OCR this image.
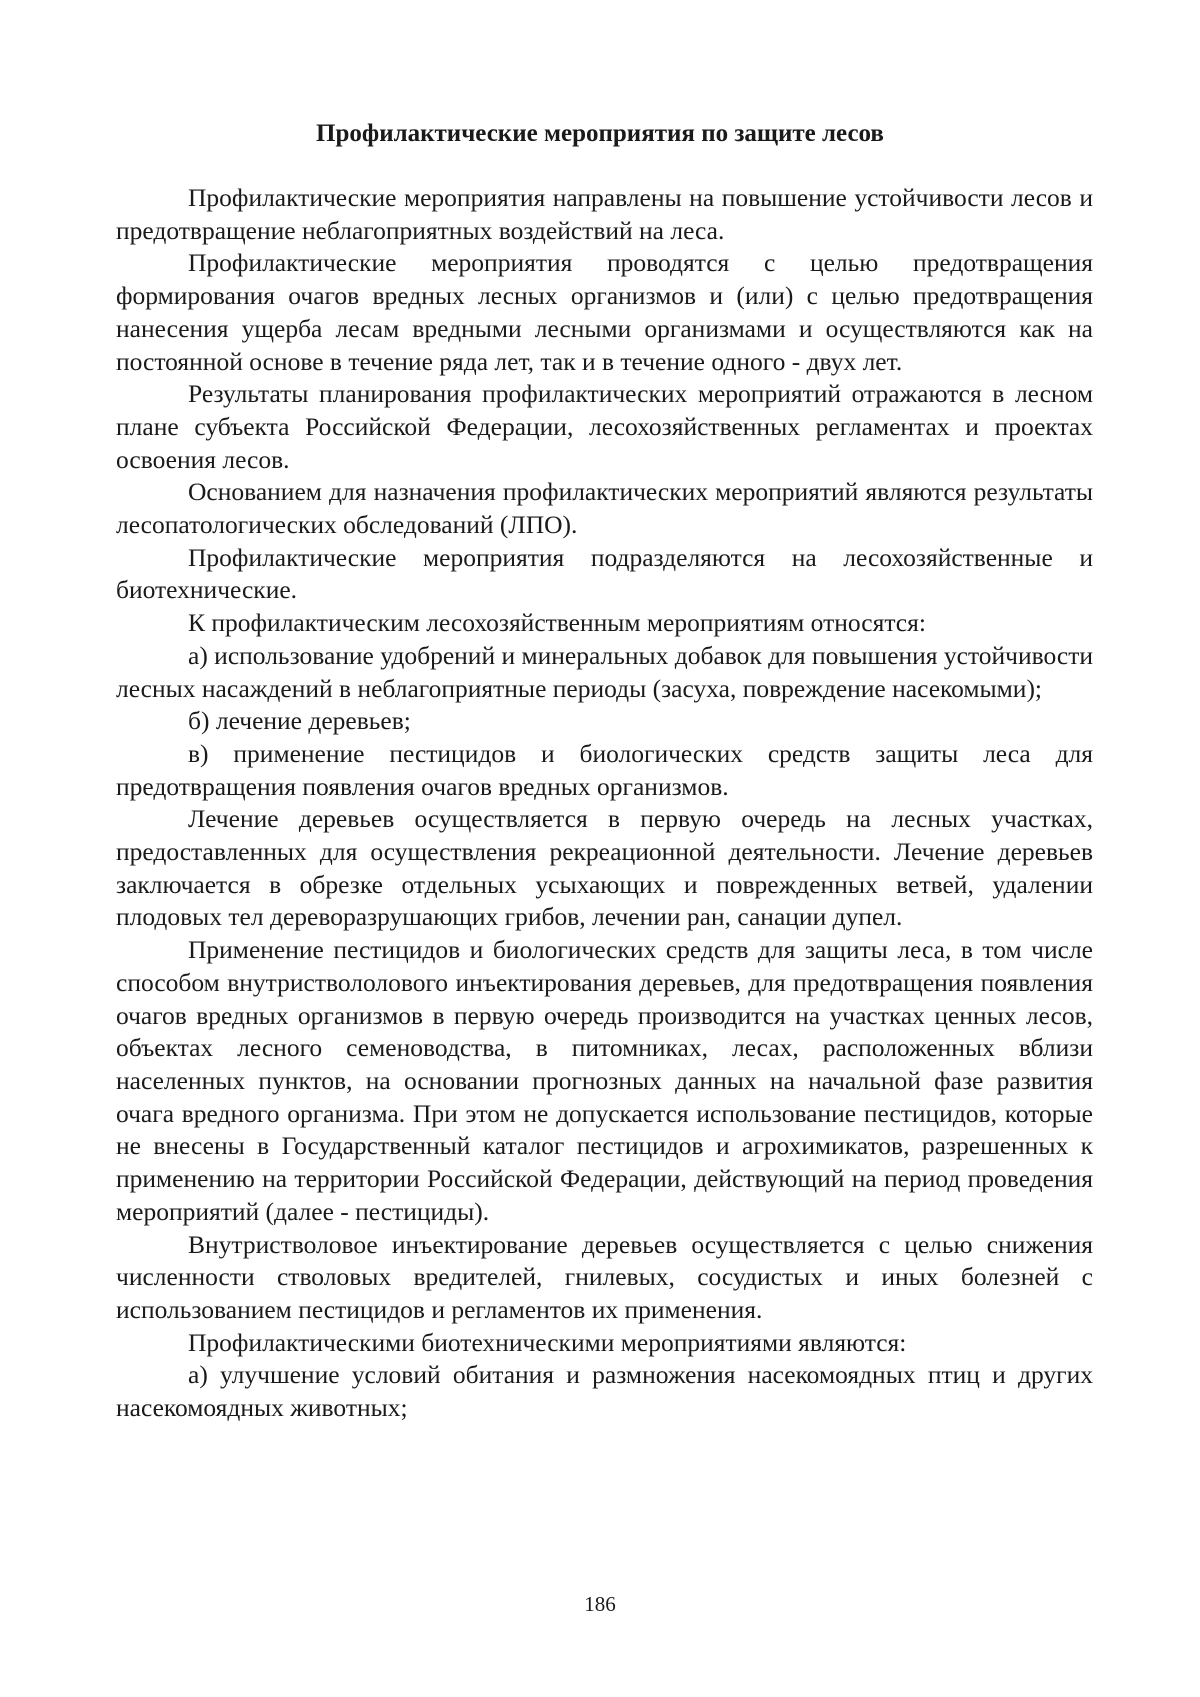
Профилактические мероприятия по защите лесов

Профилактические мероприятия направлены на повышение устойчивости лесов и предотвращение неблагоприятных воздействий на леса.

Профилактические мероприятия проводятся с целью предотвращения формирования очагов вредных лесных организмов и (или) с целью предотвращения нанесения ущерба лесам вредными лесными организмами и осуществляются как на постоянной основе в течение ряда лет, так и в течение одного - двух лет.

Результаты планирования профилактических мероприятий отражаются в лесном плане субъекта Российской Федерации, лесохозяйственных регламентах и проектах освоения лесов.

Основанием для назначения профилактических мероприятий являются результаты лесопатологических обследований (ЛПО).

Профилактические мероприятия подразделяются на лесохозяйственные и биотехнические.

К профилактическим лесохозяйственным мероприятиям относятся:

а) использование удобрений и минеральных добавок для повышения устойчивости лесных насаждений в неблагоприятные периоды (засуха, повреждение насекомыми);

б) лечение деревьев;

в) применение пестицидов и биологических средств защиты леса для предотвращения появления очагов вредных организмов.

Лечение деревьев осуществляется в первую очередь на лесных участках, предоставленных для осуществления рекреационной деятельности. Лечение деревьев заключается в обрезке отдельных усыхающих и поврежденных ветвей, удалении плодовых тел дереворазрушающих грибов, лечении ран, санации дупел.

Применение пестицидов и биологических средств для защиты леса, в том числе способом внутриствололового инъектирования деревьев, для предотвращения появления очагов вредных организмов в первую очередь производится на участках ценных лесов, объектах лесного семеноводства, в питомниках, лесах, расположенных вблизи населенных пунктов, на основании прогнозных данных на начальной фазе развития очага вредного организма. При этом не допускается использование пестицидов, которые не внесены в Государственный каталог пестицидов и агрохимикатов, разрешенных к применению на территории Российской Федерации, действующий на период проведения мероприятий (далее - пестициды).

Внутристволовое инъектирование деревьев осуществляется с целью снижения численности стволовых вредителей, гнилевых, сосудистых и иных болезней с использованием пестицидов и регламентов их применения.

Профилактическими биотехническими мероприятиями являются:

а) улучшение условий обитания и размножения насекомоядных птиц и других насекомоядных животных;

186
